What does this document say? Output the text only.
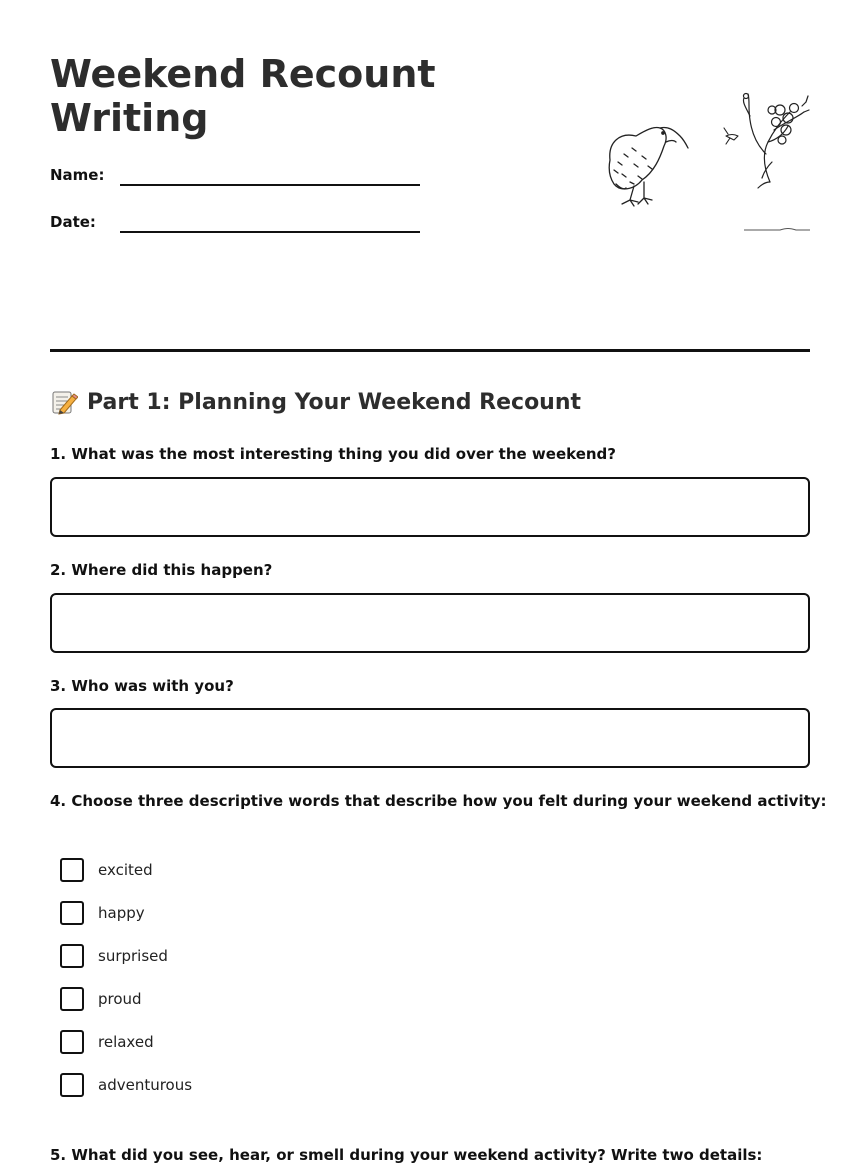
Weekend Recount
Writing
Name:
Date:
Part 1: Planning Your Weekend Recount
1. What was the most interesting thing you did over the weekend?
2. Where did this happen?
3. Who was with you?
4. Choose three descriptive words that describe how you felt during your weekend activity:
excited
happy
surprised
proud
relaxed
adventurous
5. What did you see, hear, or smell during your weekend activity? Write two details:
